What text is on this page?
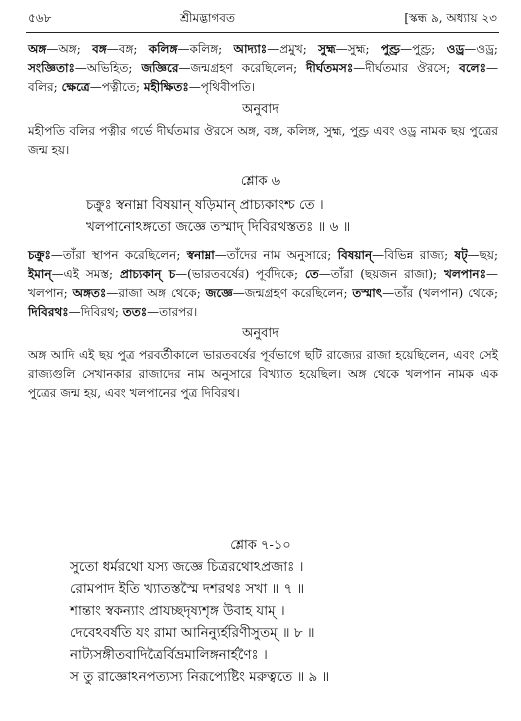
৫৬৮	শ্রীমদ্ভাগবত	[স্কন্ধ ৯, অধ্যায় ২৩
অঙ্গ—অঙ্গ; বঙ্গ—বঙ্গ; কলিঙ্গ—কলিঙ্গ; আদ্যাঃ—প্রমুখ; সুহ্ম—সুহ্ম; পুণ্ড্র—পুণ্ড্র; ওড্র—ওড্র; সংজ্ঞিতাঃ—অভিহিত; জজ্ঞিরে—জন্মগ্রহণ করেছিলেন; দীর্ঘতমসঃ—দীর্ঘতমার ঔরসে; বলেঃ—বলির; ক্ষেত্রে—পত্নীতে; মহীক্ষিতঃ—পৃথিবীপতি।
অনুবাদ
মহীপতি বলির পত্নীর গর্ভে দীর্ঘতমার ঔরসে অঙ্গ, বঙ্গ, কলিঙ্গ, সুহ্ম, পুণ্ড্র এবং ওড্র নামক ছয় পুত্রের জন্ম হয়।
শ্লোক ৬
চক্রুঃ স্বনাম্না বিষয়ান্ ষড়িমান্ প্রাচ্যকাংশ্চ তে ।
খলপানোঽঙ্গতো জজ্ঞে তস্মাদ্ দিবিরথস্ততঃ ॥ ৬ ॥
চক্রুঃ—তাঁরা স্থাপন করেছিলেন; স্বনাম্না—তাঁদের নাম অনুসারে; বিষয়ান্—বিভিন্ন রাজ্য; ষট্—ছয়; ইমান্—এই সমস্ত; প্রাচ্যকান্ চ—(ভারতবর্ষের) পূর্বদিকে; তে—তাঁরা (ছয়জন রাজা); খলপানঃ—খলপান; অঙ্গতঃ—রাজা অঙ্গ থেকে; জজ্ঞে—জন্মগ্রহণ করেছিলেন; তস্মাৎ—তাঁর (খলপান) থেকে; দিবিরথঃ—দিবিরথ; ততঃ—তারপর।
অনুবাদ
অঙ্গ আদি এই ছয় পুত্র পরবর্তীকালে ভারতবর্ষের পূর্বভাগে ছটি রাজ্যের রাজা হয়েছিলেন, এবং সেই রাজ্যগুলি সেখানকার রাজাদের নাম অনুসারে বিখ্যাত হয়েছিল। অঙ্গ থেকে খলপান নামক এক পুত্রের জন্ম হয়, এবং খলপানের পুত্র দিবিরথ।
শ্লোক ৭-১০
সুতো ধর্মরথো যস্য জজ্ঞে চিত্ররথোঽপ্রজাঃ ।
রোমপাদ ইতি খ্যাতস্তস্মৈ দশরথঃ সখা ॥ ৭ ॥
শান্তাং স্বকন্যাং প্রাযচ্ছদৃষ্যশৃঙ্গ উবাহ যাম্ ।
দেবেঽবর্ষতি যং রামা আনিন্যুর্হরিণীসুতম্ ॥ ৮ ॥
নাট্যসঙ্গীতবাদিত্রৈর্বিভ্রমালিঙ্গনার্হণৈঃ ।
স তু রাজ্ঞোঽনপত্যস্য নিরূপ্যেষ্টিং মরুত্বতে ॥ ৯ ॥
